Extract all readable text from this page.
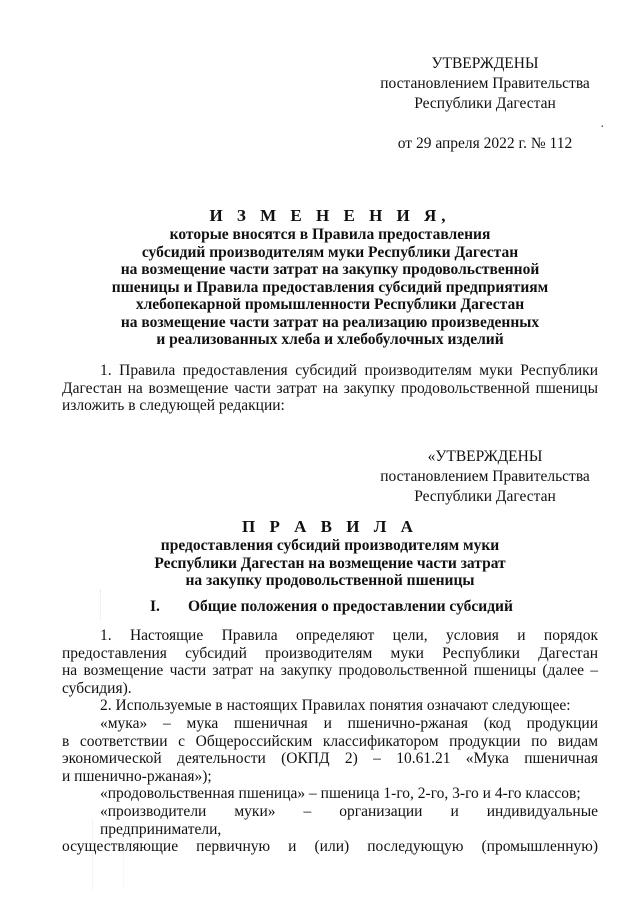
УТВЕРЖДЕНЫ
постановлением Правительства
Республики Дагестан
от 29 апреля 2022 г. № 112
И З М Е Н Е Н И Я,
которые вносятся в Правила предоставления
субсидий производителям муки Республики Дагестан
на возмещение части затрат на закупку продовольственной
пшеницы и Правила предоставления субсидий предприятиям
хлебопекарной промышленности Республики Дагестан
на возмещение части затрат на реализацию произведенных
и реализованных хлеба и хлебобулочных изделий
1. Правила предоставления субсидий производителям муки Республики
Дагестан на возмещение части затрат на закупку продовольственной пшеницы
изложить в следующей редакции:
«УТВЕРЖДЕНЫ
постановлением Правительства
Республики Дагестан
П Р А В И Л А
предоставления субсидий производителям муки
Республики Дагестан на возмещение части затрат
на закупку продовольственной пшеницы
I. Общие положения о предоставлении субсидий
1. Настоящие Правила определяют цели, условия и порядок
предоставления субсидий производителям муки Республики Дагестан
на возмещение части затрат на закупку продовольственной пшеницы (далее –
субсидия).
2. Используемые в настоящих Правилах понятия означают следующее:
«мука» – мука пшеничная и пшенично-ржаная (код продукции
в соответствии с Общероссийским классификатором продукции по видам
экономической деятельности (ОКПД 2) – 10.61.21 «Мука пшеничная
и пшенично-ржаная»);
«продовольственная пшеница» – пшеница 1-го, 2-го, 3-го и 4-го классов;
«производители муки» – организации и индивидуальные предприниматели,
осуществляющие первичную и (или) последующую (промышленную)
·
